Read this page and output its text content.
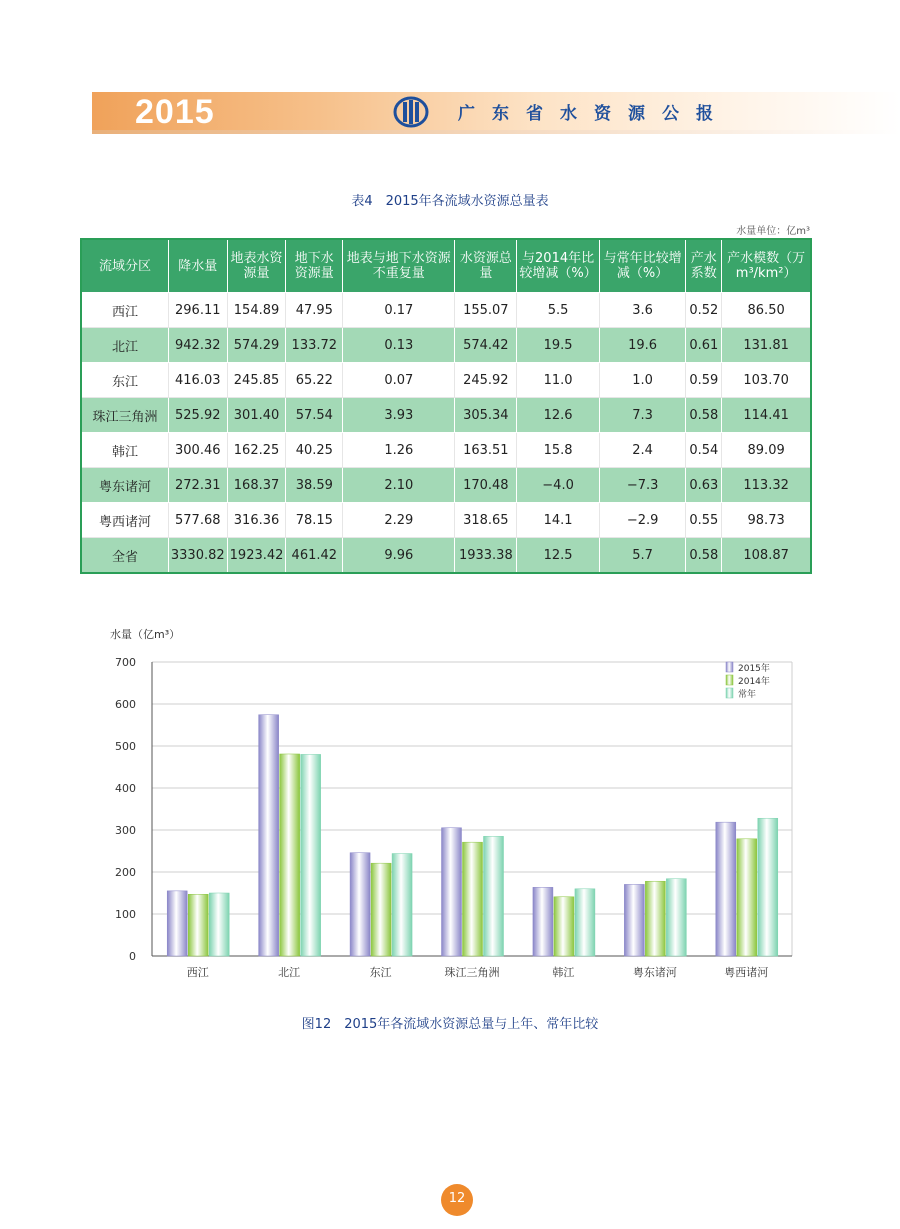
2015	广东省水资源公报
表4　2015年各流域水资源总量表
水量单位：亿m³
流域分区	降水量	地表水资源量	地下水资源量	地表与地下水资源不重复量	水资源总量	与2014年比较增减（%）	与常年比较增减（%）	产水系数	产水模数（万m³/km²）
西江	296.11	154.89	47.95	0.17	155.07	5.5	3.6	0.52	86.50
北江	942.32	574.29	133.72	0.13	574.42	19.5	19.6	0.61	131.81
东江	416.03	245.85	65.22	0.07	245.92	11.0	1.0	0.59	103.70
珠江三角洲	525.92	301.40	57.54	3.93	305.34	12.6	7.3	0.58	114.41
韩江	300.46	162.25	40.25	1.26	163.51	15.8	2.4	0.54	89.09
粤东诸河	272.31	168.37	38.59	2.10	170.48	−4.0	−7.3	0.63	113.32
粤西诸河	577.68	316.36	78.15	2.29	318.65	14.1	−2.9	0.55	98.73
全省	3330.82	1923.42	461.42	9.96	1933.38	12.5	5.7	0.58	108.87
水量（亿m³）
0
100
200
300
400
500
600
700
西江	北江	东江	珠江三角洲	韩江	粤东诸河	粤西诸河
2015年
2014年
常年
图12　2015年各流域水资源总量与上年、常年比较
12
